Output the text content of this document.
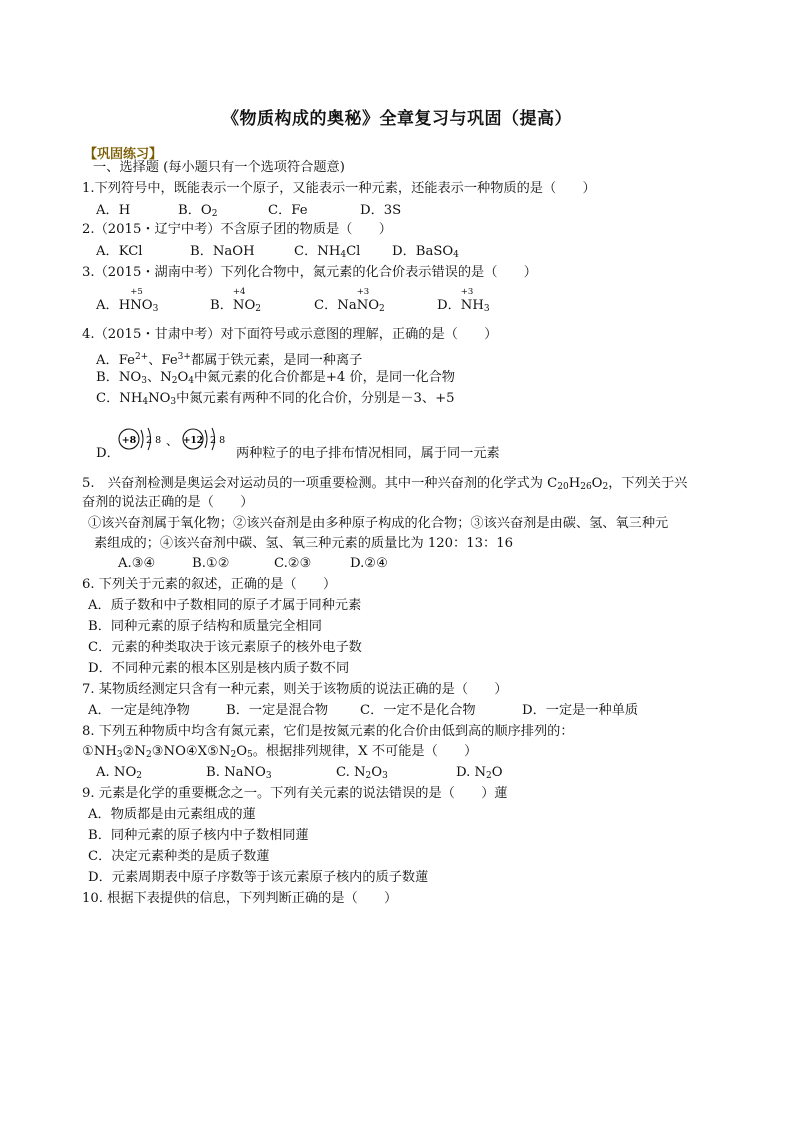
《物质构成的奥秘》全章复习与巩固（提高）
【巩固练习】
一、选择题 (每小题只有一个选项符合题意)
1.下列符号中，既能表示一个原子，又能表示一种元素，还能表示一种物质的是（　　）
A．H	B．$O_2$	C．Fe	D．3S
2.（2015・辽宁中考）不含原子团的物质是（　　）
A．KCl	B．NaOH	C．$NH_4Cl$ D．BaSO$_4$
3.（2015・湖南中考）下列化合物中，氮元素的化合价表示错误的是（　　）
A．H
+5
$NO_3$	B．
+4
$NO_2$	C．Na
+3
$NO_2$	D．
+3
$NH_3$
4.（2015・甘肃中考）对下面符号或示意图的理解，正确的是（　　）
A．$Fe^{2+}$、$Fe^{3+}$都属于铁元素，是同一种离子
B．$NO_3$、$N_2O_4$中氮元素的化合价都是+4 价，是同一化合物
C．$NH_4NO_3$中氮元素有两种不同的化合价，分别是－3、+5
D．
+8 2 8 、 +12 2 8
两种粒子的电子排布情况相同，属于同一元素
5.　兴奋剂检测是奥运会对运动员的一项重要检测。其中一种兴奋剂的化学式为 $C_{20}H_{26}O_2$，下列关于兴
奋剂的说法正确的是（　　）
①该兴奋剂属于氧化物；②该兴奋剂是由多种原子构成的化合物；③该兴奋剂是由碳、氢、氧三种元
素组成的；④该兴奋剂中碳、氢、氧三种元素的质量比为 120：13：16
A.③④	B.①②	C.②③	D.②④
6. 下列关于元素的叙述，正确的是（　　）
A．质子数和中子数相同的原子才属于同种元素
B．同种元素的原子结构和质量完全相同
C．元素的种类取决于该元素原子的核外电子数
D．不同种元素的根本区别是核内质子数不同
7. 某物质经测定只含有一种元素，则关于该物质的说法正确的是（　　）
A．一定是纯净物	B．一定是混合物 C．一定不是化合物	D．一定是一种单质
8. 下列五种物质中均含有氮元素，它们是按氮元素的化合价由低到高的顺序排列的：
$①NH_3②N_2③NO④X⑤N_2O_5$。根据排列规律，X 不可能是（　　）
A. $NO_2$	B. NaNO$_3$	C. $N_2O_3$	D. $N_2O$
9. 元素是化学的重要概念之一。下列有关元素的说法错误的是（　　）蓮
A．物质都是由元素组成的蓮
B．同种元素的原子核内中子数相同蓮
C．决定元素种类的是质子数蓮
D．元素周期表中原子序数等于该元素原子核内的质子数蓮
10. 根据下表提供的信息，下列判断正确的是（　　）
